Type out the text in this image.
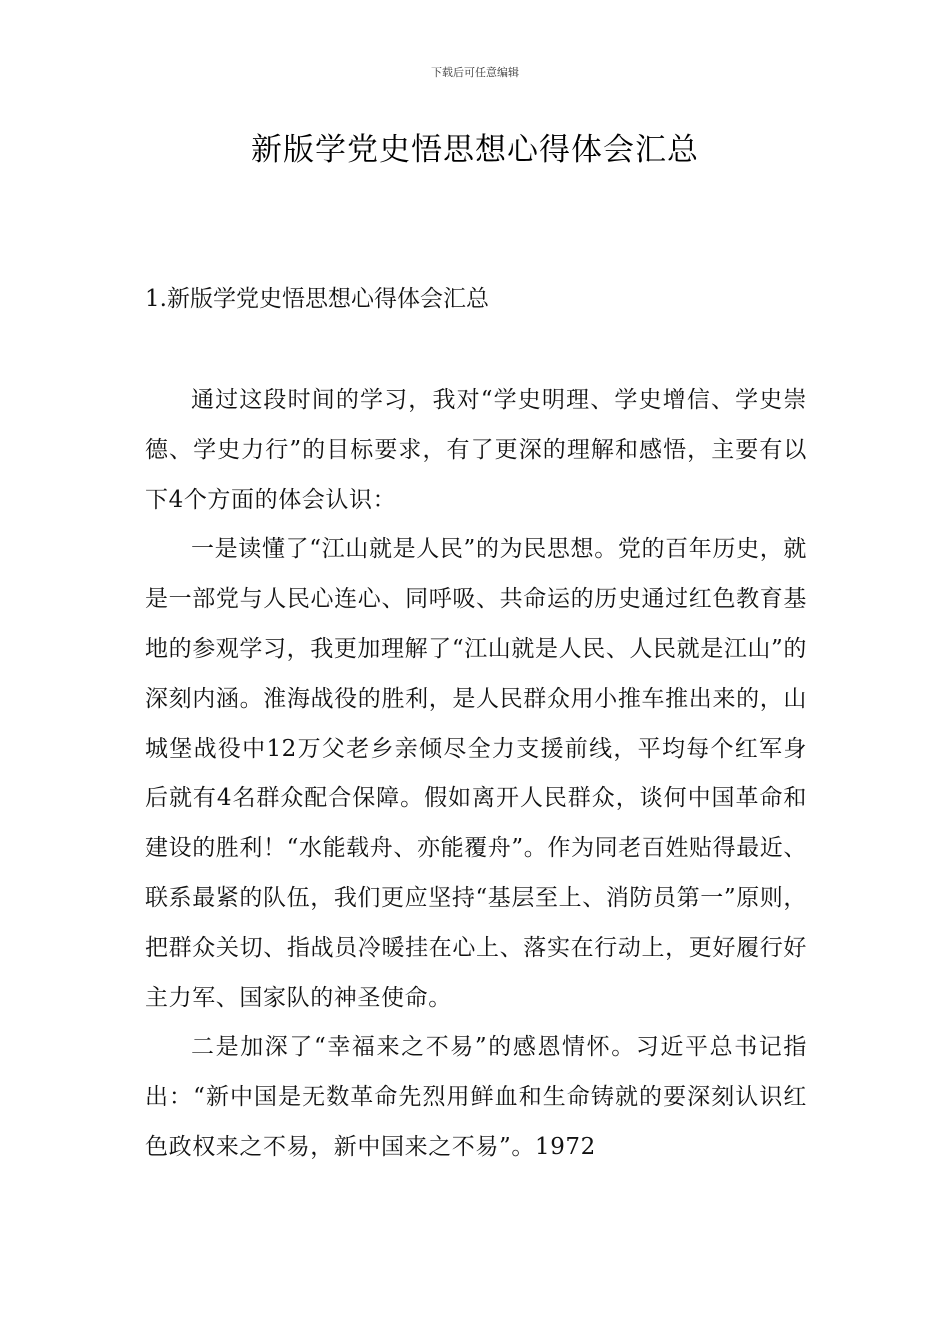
下载后可任意编辑
新版学党史悟思想心得体会汇总
1.新版学党史悟思想心得体会汇总

通过这段时间的学习，我对“学史明理、学史增信、学史崇德、学史力行”的目标要求，有了更深的理解和感悟，主要有以下4个方面的体会认识：

一是读懂了“江山就是人民”的为民思想。党的百年历史，就是一部党与人民心连心、同呼吸、共命运的历史通过红色教育基地的参观学习，我更加理解了“江山就是人民、人民就是江山”的深刻内涵。淮海战役的胜利，是人民群众用小推车推出来的，山城堡战役中12万父老乡亲倾尽全力支援前线，平均每个红军身后就有4名群众配合保障。假如离开人民群众，谈何中国革命和建设的胜利！“水能载舟、亦能覆舟”。作为同老百姓贴得最近、联系最紧的队伍，我们更应坚持“基层至上、消防员第一”原则，把群众关切、指战员冷暖挂在心上、落实在行动上，更好履行好主力军、国家队的神圣使命。

二是加深了“幸福来之不易”的感恩情怀。习近平总书记指出：“新中国是无数革命先烈用鲜血和生命铸就的要深刻认识红色政权来之不易，新中国来之不易”。1972
